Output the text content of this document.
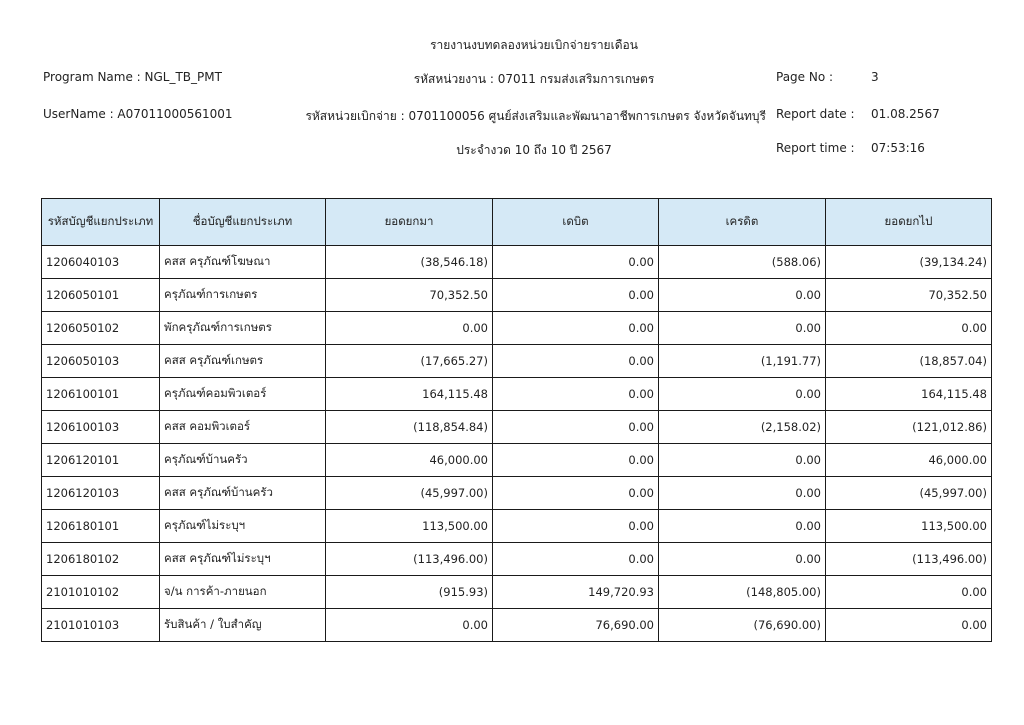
รายงานงบทดลองหน่วยเบิกจ่ายรายเดือน
Program Name : NGL_TB_PMT	รหัสหน่วยงาน : 07011 กรมส่งเสริมการเกษตร	Page No :	3
UserName : A07011000561001	รหัสหน่วยเบิกจ่าย : 0701100056 ศูนย์ส่งเสริมและพัฒนาอาชีพการเกษตร จังหวัดจันทบุรี Report date : 01.08.2567
ประจำงวด 10 ถึง 10 ปี 2567	Report time : 07:53:16
รหัสบัญชีแยกประเภท	ชื่อบัญชีแยกประเภท	ยอดยกมา	เดบิต	เครดิต	ยอดยกไป
1206040103	คสส ครุภัณฑ์โฆษณา	(38,546.18)	0.00	(588.06)	(39,134.24)
1206050101	ครุภัณฑ์การเกษตร	70,352.50	0.00	0.00	70,352.50
1206050102	พักครุภัณฑ์การเกษตร	0.00	0.00	0.00	0.00
1206050103	คสส ครุภัณฑ์เกษตร	(17,665.27)	0.00	(1,191.77)	(18,857.04)
1206100101	ครุภัณฑ์คอมพิวเตอร์	164,115.48	0.00	0.00	164,115.48
1206100103	คสส คอมพิวเตอร์	(118,854.84)	0.00	(2,158.02)	(121,012.86)
1206120101	ครุภัณฑ์บ้านครัว	46,000.00	0.00	0.00	46,000.00
1206120103	คสส ครุภัณฑ์บ้านครัว	(45,997.00)	0.00	0.00	(45,997.00)
1206180101	ครุภัณฑ์ไม่ระบุฯ	113,500.00	0.00	0.00	113,500.00
1206180102	คสส ครุภัณฑ์ไม่ระบุฯ	(113,496.00)	0.00	0.00	(113,496.00)
2101010102	จ/น การค้า-ภายนอก	(915.93)	149,720.93	(148,805.00)	0.00
2101010103	รับสินค้า / ใบสำคัญ	0.00	76,690.00	(76,690.00)	0.00
